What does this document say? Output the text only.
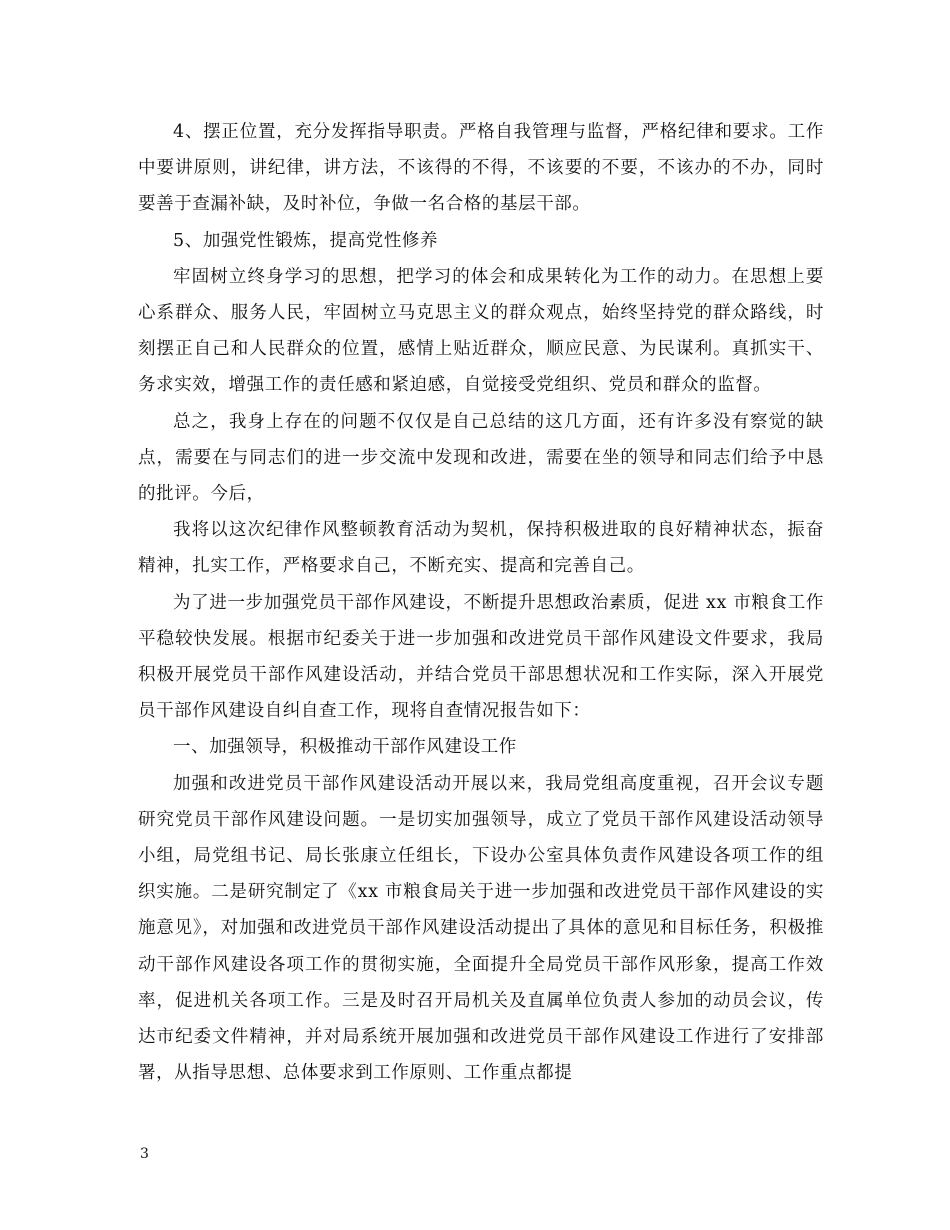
4、摆正位置，充分发挥指导职责。严格自我管理与监督，严格纪律和要求。工作中要讲原则，讲纪律，讲方法，不该得的不得，不该要的不要，不该办的不办，同时要善于查漏补缺，及时补位，争做一名合格的基层干部。

5、加强党性锻炼，提高党性修养

牢固树立终身学习的思想，把学习的体会和成果转化为工作的动力。在思想上要心系群众、服务人民，牢固树立马克思主义的群众观点，始终坚持党的群众路线，时刻摆正自己和人民群众的位置，感情上贴近群众，顺应民意、为民谋利。真抓实干、务求实效，增强工作的责任感和紧迫感，自觉接受党组织、党员和群众的监督。

总之，我身上存在的问题不仅仅是自己总结的这几方面，还有许多没有察觉的缺点，需要在与同志们的进一步交流中发现和改进，需要在坐的领导和同志们给予中恳的批评。今后，

我将以这次纪律作风整顿教育活动为契机，保持积极进取的良好精神状态，振奋精神，扎实工作，严格要求自己，不断充实、提高和完善自己。

为了进一步加强党员干部作风建设，不断提升思想政治素质，促进 xx 市粮食工作平稳较快发展。根据市纪委关于进一步加强和改进党员干部作风建设文件要求，我局积极开展党员干部作风建设活动，并结合党员干部思想状况和工作实际，深入开展党员干部作风建设自纠自查工作，现将自查情况报告如下：

一、加强领导，积极推动干部作风建设工作

加强和改进党员干部作风建设活动开展以来，我局党组高度重视，召开会议专题研究党员干部作风建设问题。一是切实加强领导，成立了党员干部作风建设活动领导小组，局党组书记、局长张康立任组长，下设办公室具体负责作风建设各项工作的组织实施。二是研究制定了《xx 市粮食局关于进一步加强和改进党员干部作风建设的实施意见》，对加强和改进党员干部作风建设活动提出了具体的意见和目标任务，积极推动干部作风建设各项工作的贯彻实施，全面提升全局党员干部作风形象，提高工作效率，促进机关各项工作。三是及时召开局机关及直属单位负责人参加的动员会议，传达市纪委文件精神，并对局系统开展加强和改进党员干部作风建设工作进行了安排部署，从指导思想、总体要求到工作原则、工作重点都提

3
